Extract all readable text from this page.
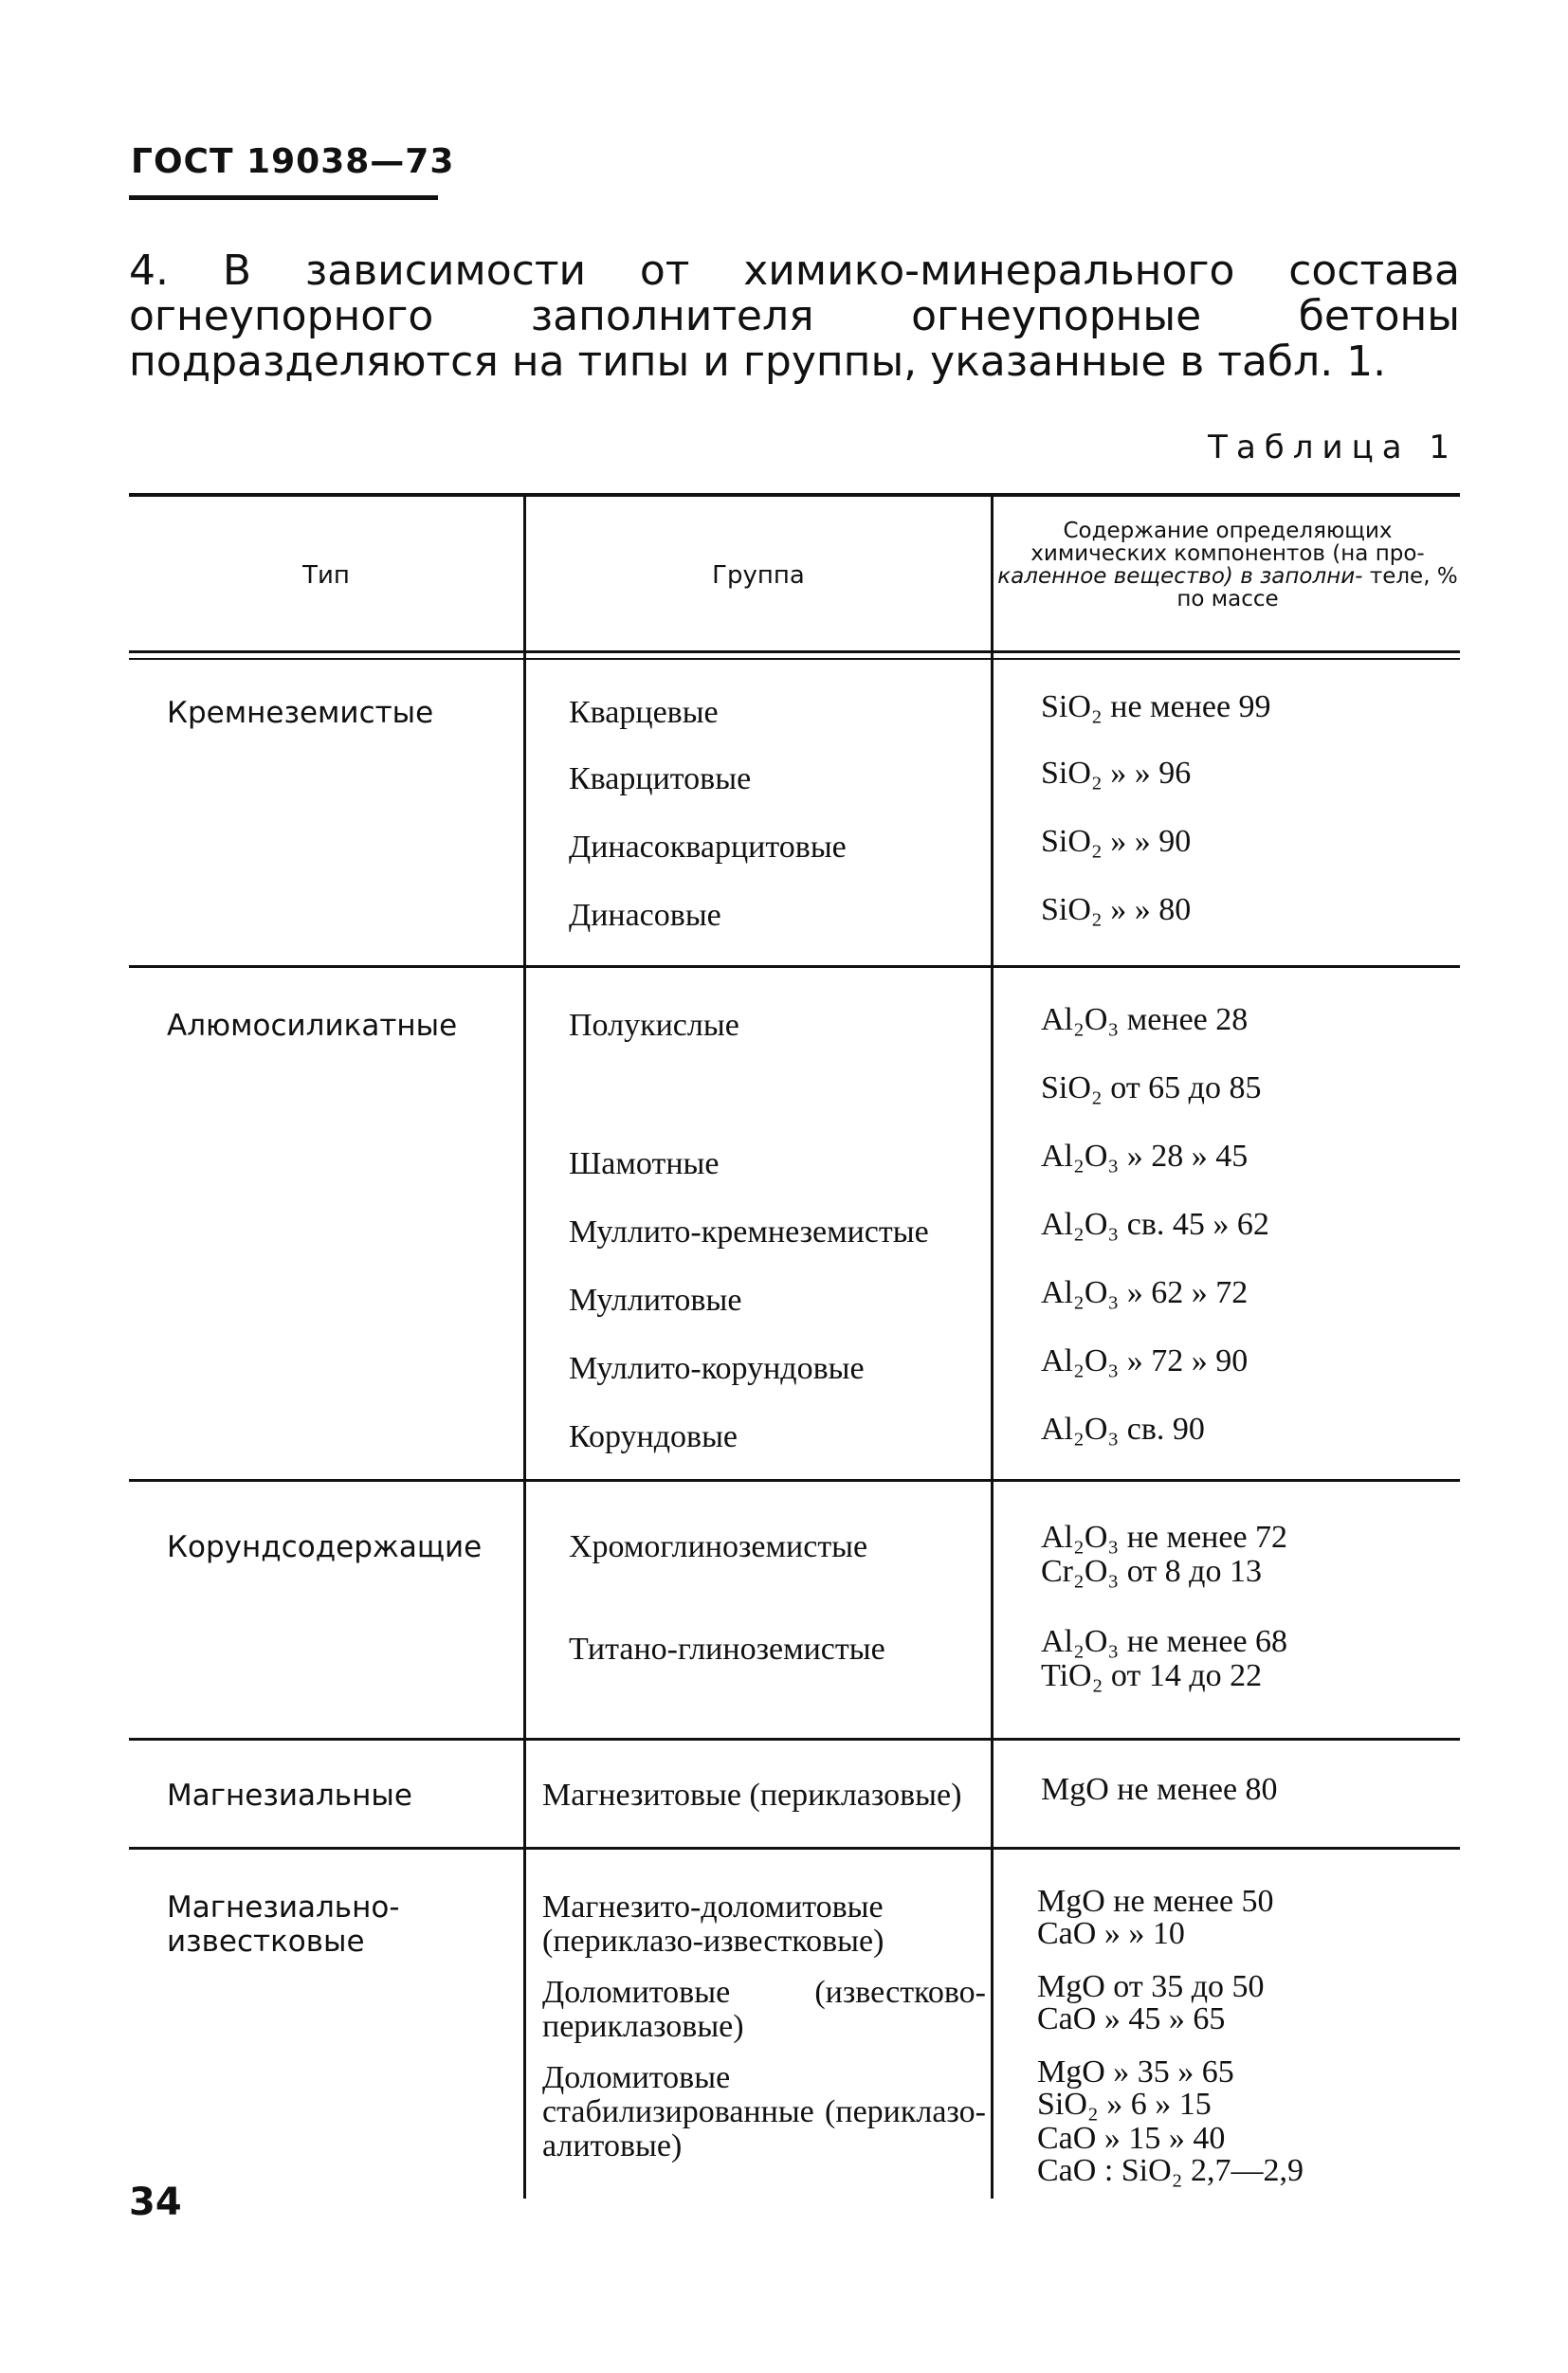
ГОСТ 19038—73
4. В зависимости от химико-минерального состава огнеупорного заполнителя огнеупорные бетоны подразделяются на типы и группы, указанные в табл. 1.
Таблица 1
Тип	Группа
Содержание определяющих химических компонентов (на про- каленное вещество) в заполни- теле, % по массе
Кремнеземистые
Алюмосиликатные
Корундсодержащие
Магнезиальные
Магнезиально-известковые
Кварцевые
Кварцитовые
Динасокварцитовые
Динасовые
Полукислые
Шамотные
Муллито-кремнеземистые
Муллитовые
Муллито-корундовые
Корундовые
Хромоглиноземистые
Титано-глиноземистые
Магнезитовые (периклазовые)
Магнезито-доломитовые (периклазо-известковые)
Доломитовые (известково-периклазовые)
Доломитовые стабилизированные (периклазо-алитовые)
SiO₂ не менее 99
SiO₂ » » 96
SiO₂ » » 90
SiO₂ » » 80
Al₂O₃ менее 28
SiO₂ от 65 до 85
Al₂O₃ » 28 » 45
Al₂O₃ св. 45 » 62
Al₂O₃ » 62 » 72
Al₂O₃ » 72 » 90
Al₂O₃ св. 90
Al₂O₃ не менее 72
Cr₂O₃ от 8 до 13
Al₂O₃ не менее 68
TiO₂ от 14 до 22
MgO не менее 80
MgO не менее 50
CaO » » 10
MgO от 35 до 50
CaO » 45 » 65
MgO » 35 » 65
SiO₂ » 6 » 15
CaO » 15 » 40
CaO : SiO₂ 2,7—2,9
34
